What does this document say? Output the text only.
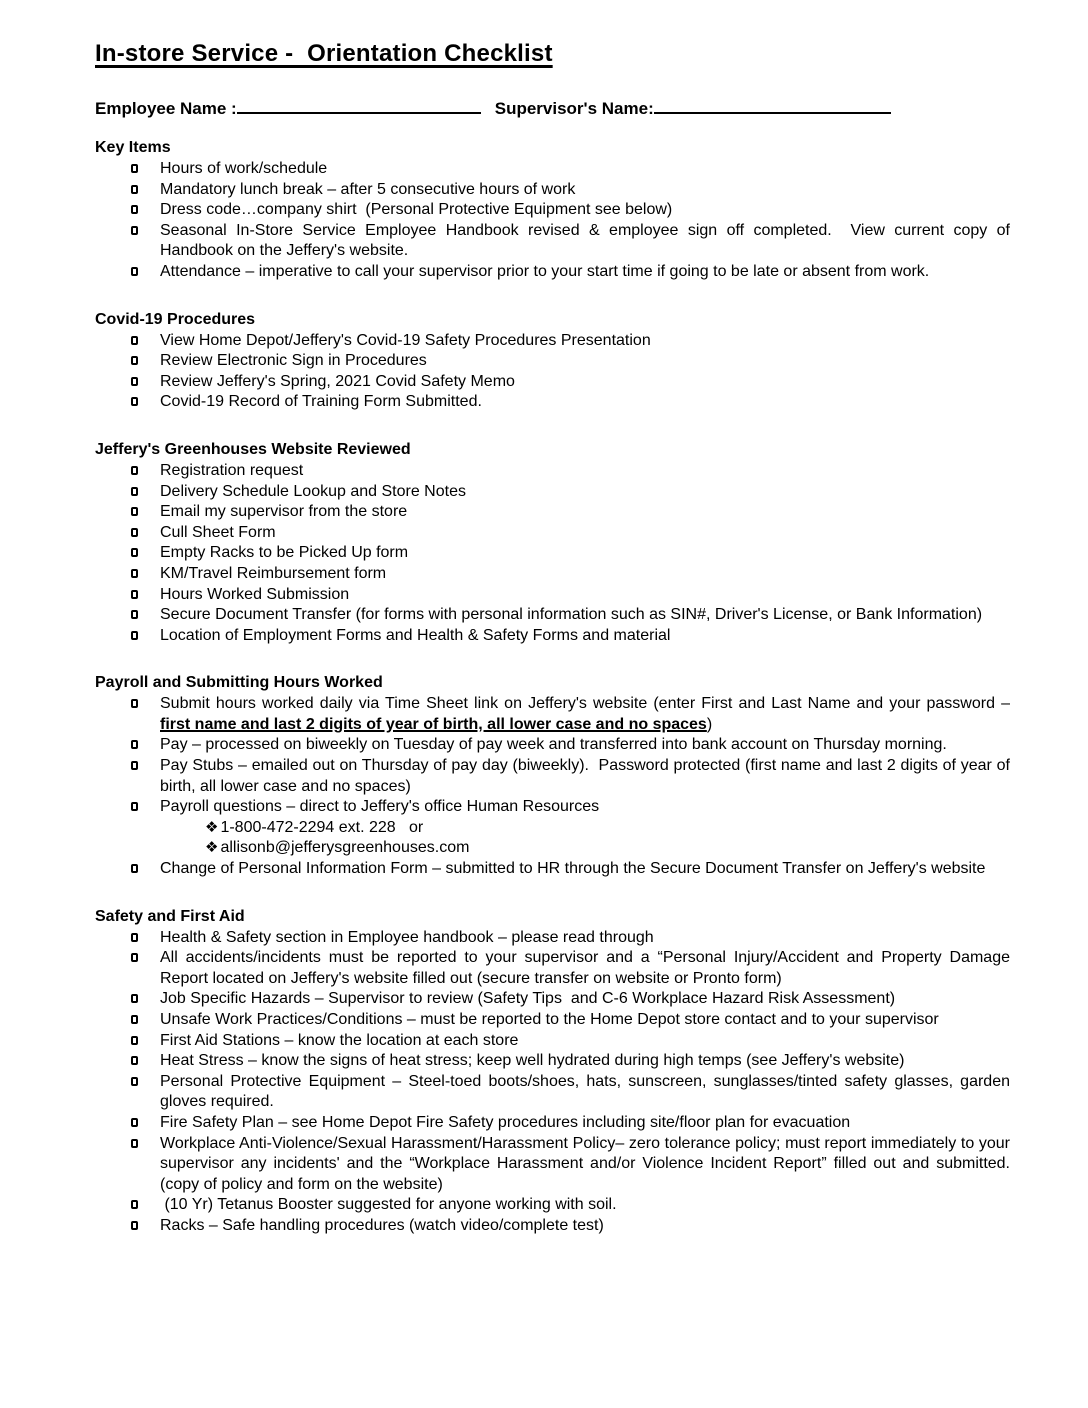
In-store Service -  Orientation Checklist
Employee Name :	Supervisor's Name:
Key Items
Hours of work/schedule
Mandatory lunch break – after 5 consecutive hours of work
Dress code…company shirt  (Personal Protective Equipment see below)
Seasonal In-Store Service Employee Handbook revised & employee sign off completed.  View current copy of Handbook on the Jeffery's website.
Attendance – imperative to call your supervisor prior to your start time if going to be late or absent from work.
Covid-19 Procedures
View Home Depot/Jeffery's Covid-19 Safety Procedures Presentation
Review Electronic Sign in Procedures
Review Jeffery's Spring, 2021 Covid Safety Memo
Covid-19 Record of Training Form Submitted.
Jeffery's Greenhouses Website Reviewed
Registration request
Delivery Schedule Lookup and Store Notes
Email my supervisor from the store
Cull Sheet Form
Empty Racks to be Picked Up form
KM/Travel Reimbursement form
Hours Worked Submission
Secure Document Transfer (for forms with personal information such as SIN#, Driver's License, or Bank Information)
Location of Employment Forms and Health & Safety Forms and material
Payroll and Submitting Hours Worked
Submit hours worked daily via Time Sheet link on Jeffery's website (enter First and Last Name and your password – first name and last 2 digits of year of birth, all lower case and no spaces)
Pay – processed on biweekly on Tuesday of pay week and transferred into bank account on Thursday morning.
Pay Stubs – emailed out on Thursday of pay day (biweekly).  Password protected (first name and last 2 digits of year of birth, all lower case and no spaces)
Payroll questions – direct to Jeffery's office Human Resources
❖ 1-800-472-2294 ext. 228   or
❖ allisonb@jefferysgreenhouses.com
Change of Personal Information Form – submitted to HR through the Secure Document Transfer on Jeffery's website
Safety and First Aid
Health & Safety section in Employee handbook – please read through
All accidents/incidents must be reported to your supervisor and a “Personal Injury/Accident and Property Damage Report located on Jeffery's website filled out (secure transfer on website or Pronto form)
Job Specific Hazards – Supervisor to review (Safety Tips  and C-6 Workplace Hazard Risk Assessment)
Unsafe Work Practices/Conditions – must be reported to the Home Depot store contact and to your supervisor
First Aid Stations – know the location at each store
Heat Stress – know the signs of heat stress; keep well hydrated during high temps (see Jeffery's website)
Personal Protective Equipment – Steel-toed boots/shoes, hats, sunscreen, sunglasses/tinted safety glasses, garden gloves required.
Fire Safety Plan – see Home Depot Fire Safety procedures including site/floor plan for evacuation
Workplace Anti-Violence/Sexual Harassment/Harassment Policy– zero tolerance policy; must report immediately to your supervisor any incidents' and the “Workplace Harassment and/or Violence Incident Report” filled out and submitted. (copy of policy and form on the website)
(10 Yr) Tetanus Booster suggested for anyone working with soil.
Racks – Safe handling procedures (watch video/complete test)
